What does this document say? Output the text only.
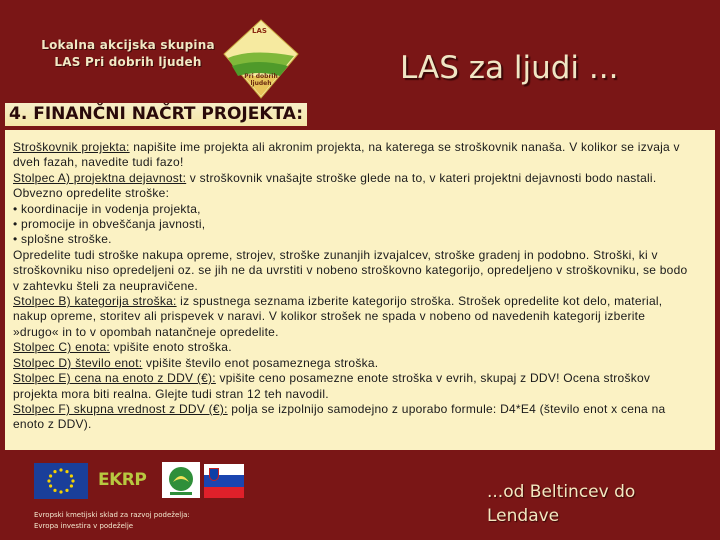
Lokalna akcijska skupina
LAS Pri dobrih ljudeh
LAS
Pri dobrih
ljudeh	LAS za ljudi ...
4. FINANČNI NAČRT PROJEKTA:

Stroškovnik projekta: napišite ime projekta ali akronim projekta, na katerega se stroškovnik nanaša. V kolikor se izvaja v dveh fazah, navedite tudi fazo!

Stolpec A) projektna dejavnost: v stroškovnik vnašajte stroške glede na to, v kateri projektni dejavnosti bodo nastali. Obvezno opredelite stroške:

• koordinacije in vodenja projekta,

• promocije in obveščanja javnosti,

• splošne stroške.

Opredelite tudi stroške nakupa opreme, strojev, stroške zunanjih izvajalcev, stroške gradenj in podobno. Stroški, ki v stroškovniku niso opredeljeni oz. se jih ne da uvrstiti v nobeno stroškovno kategorijo, opredeljeno v stroškovniku, se bodo v zahtevku šteli za neupravičene.

Stolpec B) kategorija stroška: iz spustnega seznama izberite kategorijo stroška. Strošek opredelite kot delo, material, nakup opreme, storitev ali prispevek v naravi. V kolikor strošek ne spada v nobeno od navedenih kategorij izberite »drugo« in to v opombah natančneje opredelite.

Stolpec C) enota: vpišite enoto stroška.

Stolpec D) število enot: vpišite število enot posameznega stroška.

Stolpec E) cena na enoto z DDV (€): vpišite ceno posamezne enote stroška v evrih, skupaj z DDV! Ocena stroškov projekta mora biti realna. Glejte tudi stran 12 teh navodil.

Stolpec F) skupna vrednost z DDV (€): polja se izpolnijo samodejno z uporabo formule: D4*E4 (število enot x cena na enoto z DDV).

EKRP
Evropski kmetijski sklad za razvoj podeželja:
Evropa investira v podeželje
...od Beltincev do
Lendave
